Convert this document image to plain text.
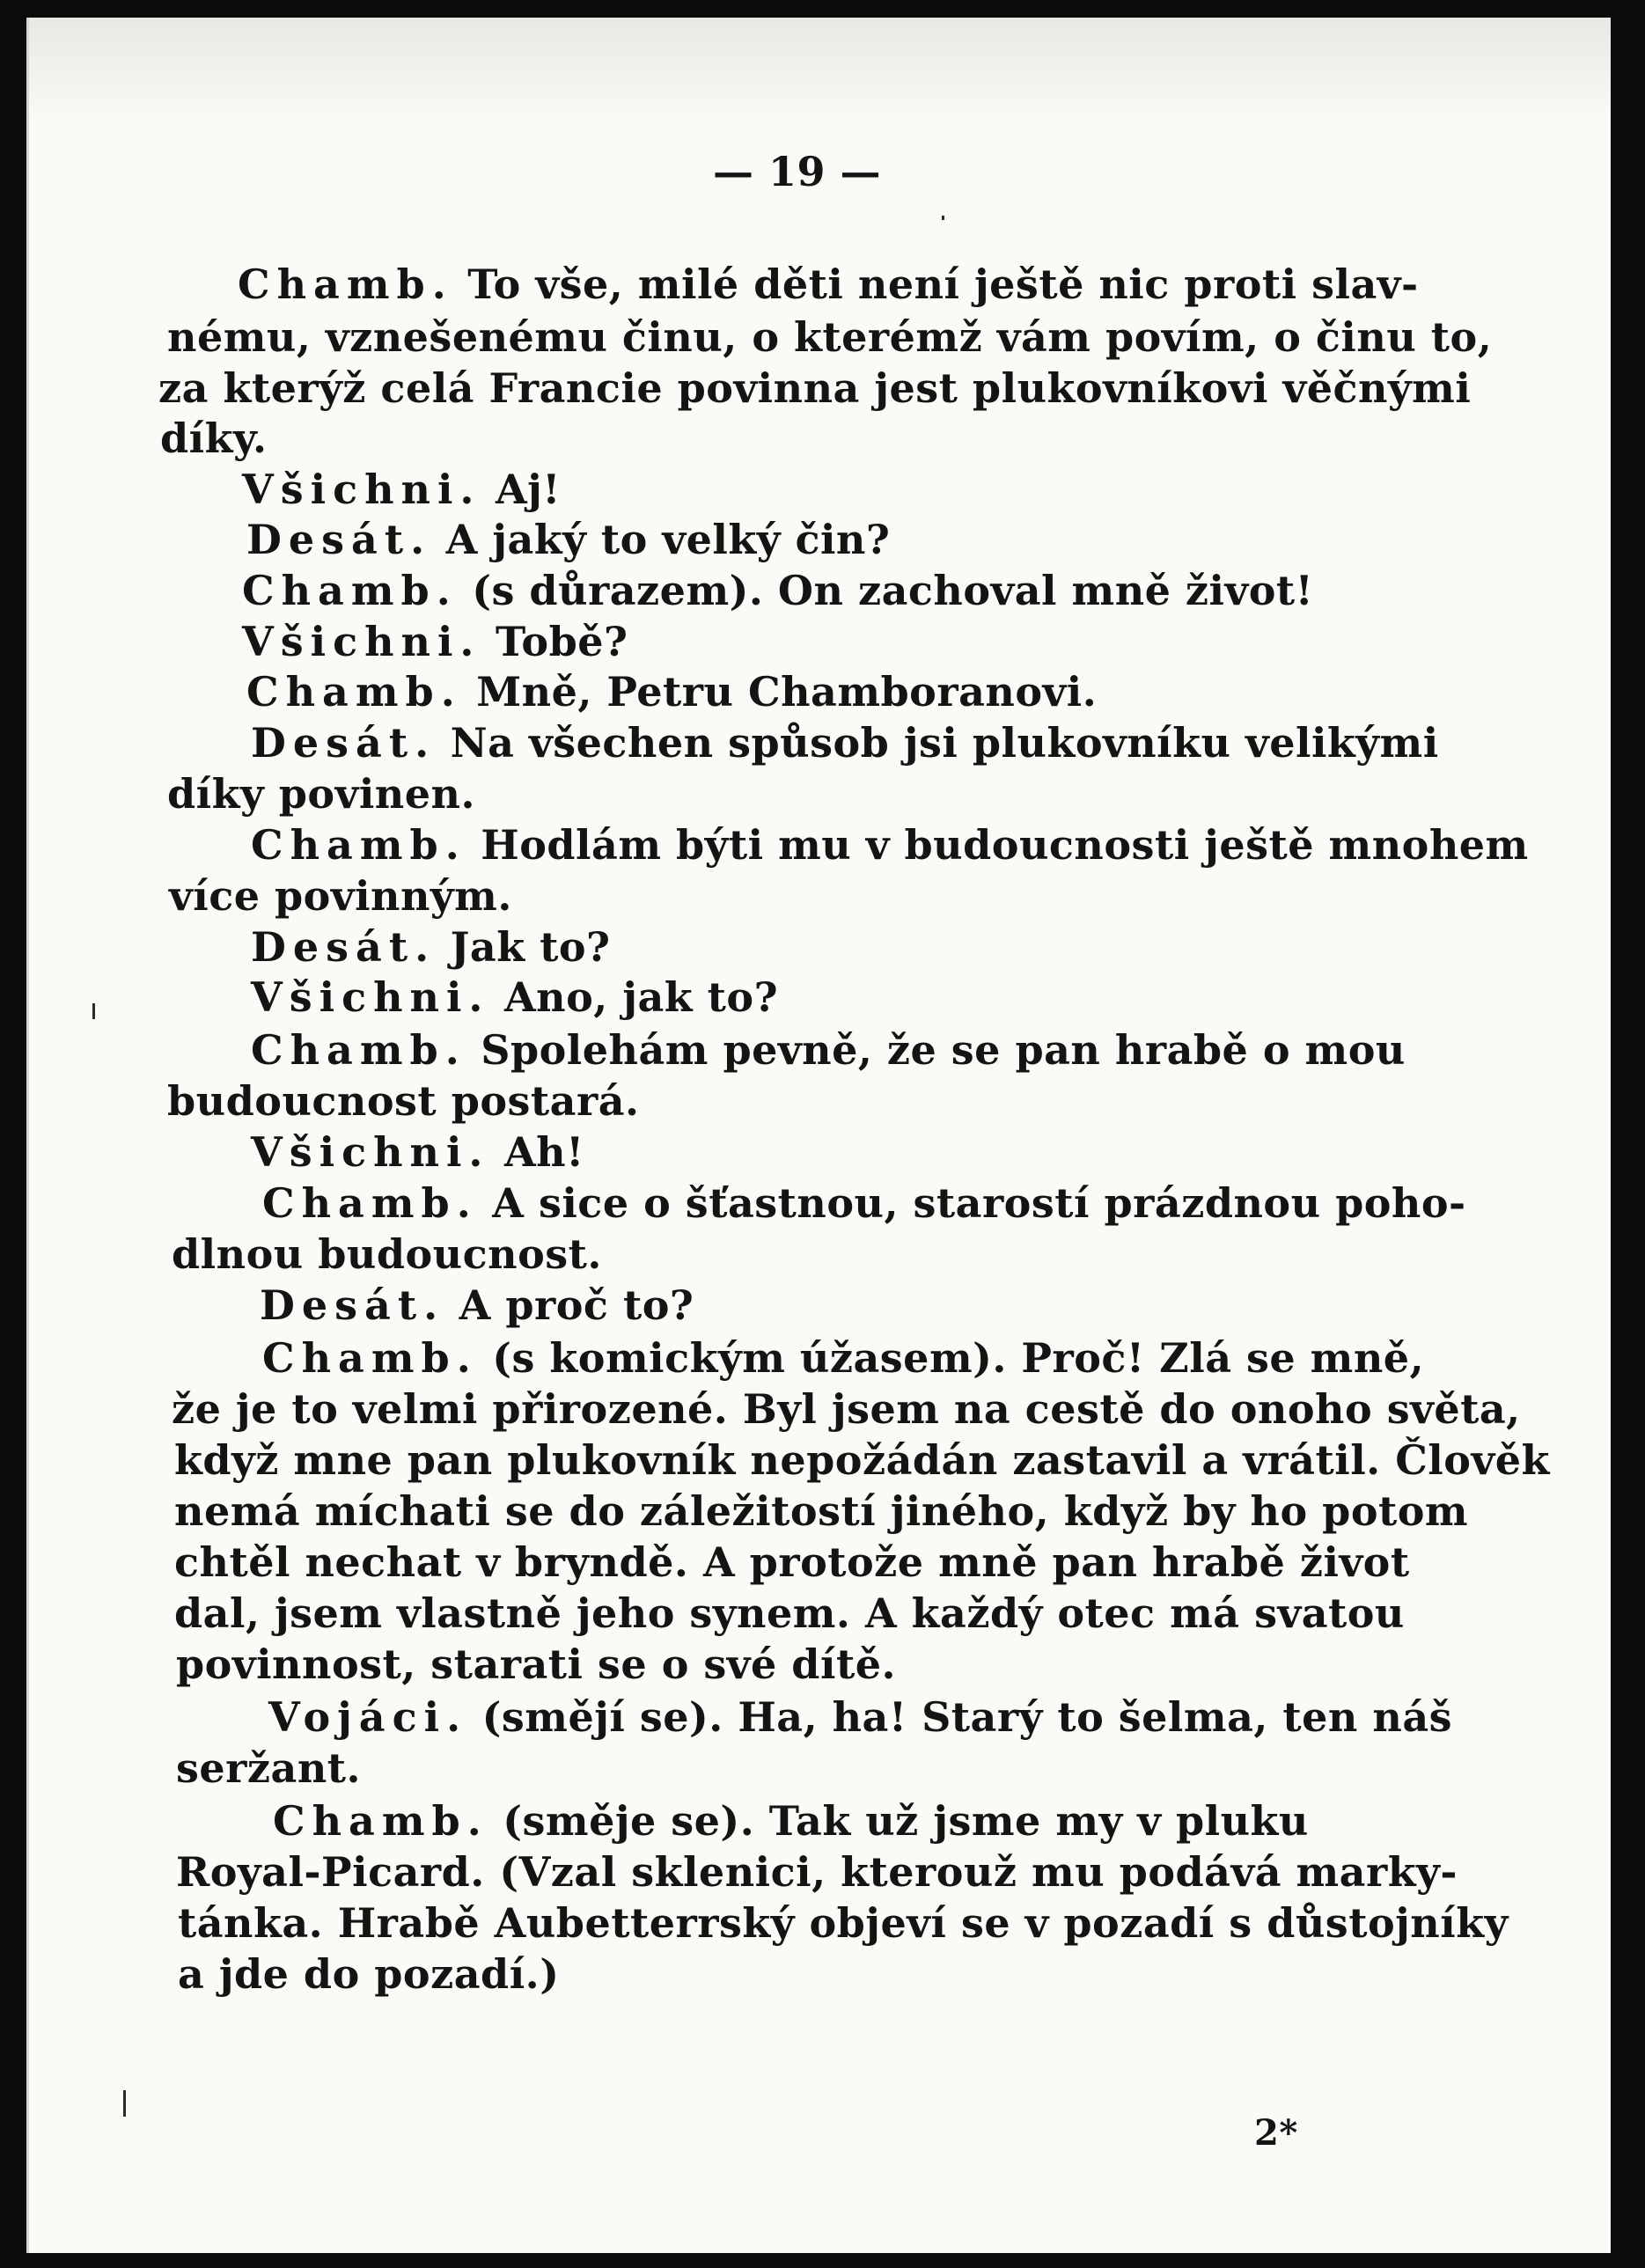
— 19 —
Chamb. To vše, milé děti není ještě nic proti slav-
nému, vznešenému činu, o kterémž vám povím, o činu to,
za kterýž celá Francie povinna jest plukovníkovi věčnými
díky.
Všichni. Aj!
Desát. A jaký to velký čin?
Chamb. (s důrazem). On zachoval mně život!
Všichni. Tobě?
Chamb. Mně, Petru Chamboranovi.
Desát. Na všechen spůsob jsi plukovníku velikými
díky povinen.
Chamb. Hodlám býti mu v budoucnosti ještě mnohem
více povinným.
Desát. Jak to?
Všichni. Ano, jak to?
Chamb. Spolehám pevně, že se pan hrabě o mou
budoucnost postará.
Všichni. Ah!
Chamb. A sice o šťastnou, starostí prázdnou poho-
dlnou budoucnost.
Desát. A proč to?
Chamb. (s komickým úžasem). Proč! Zlá se mně,
že je to velmi přirozené. Byl jsem na cestě do onoho světa,
když mne pan plukovník nepožádán zastavil a vrátil. Člověk
nemá míchati se do záležitostí jiného, když by ho potom
chtěl nechat v bryndě. A protože mně pan hrabě život
dal, jsem vlastně jeho synem. A každý otec má svatou
povinnost, starati se o své dítě.
Vojáci. (smějí se). Ha, ha! Starý to šelma, ten náš
seržant.
Chamb. (směje se). Tak už jsme my v pluku
Royal-Picard. (Vzal sklenici, kterouž mu podává marky-
tánka. Hrabě Aubetterrský objeví se v pozadí s důstojníky
a jde do pozadí.)
2*
